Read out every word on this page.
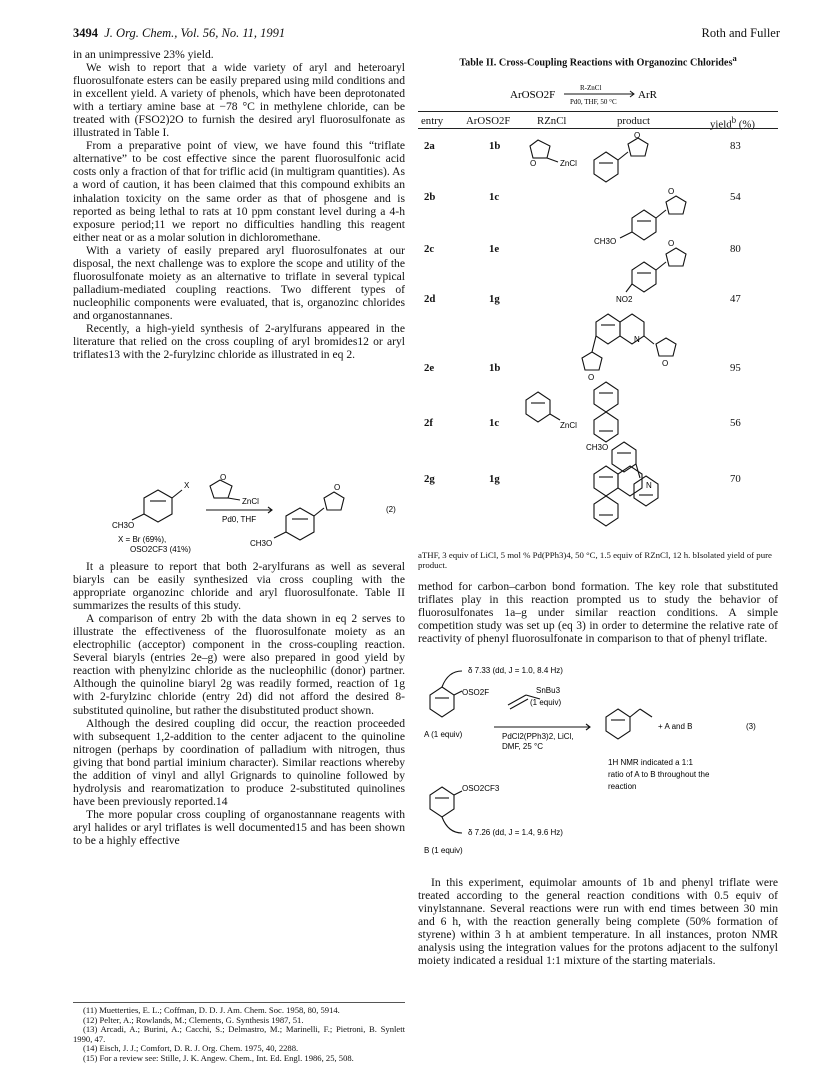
3494 J. Org. Chem., Vol. 56, No. 11, 1991	Roth and Fuller

in an unimpressive 23% yield.

We wish to report that a wide variety of aryl and heteroaryl fluorosulfonate esters can be easily prepared using mild conditions and in excellent yield. A variety of phenols, which have been deprotonated with a tertiary amine base at −78 °C in methylene chloride, can be treated with (FSO2)2O to furnish the desired aryl fluorosulfonate as illustrated in Table I.

From a preparative point of view, we have found this “triflate alternative” to be cost effective since the parent fluorosulfonic acid costs only a fraction of that for triflic acid (in multigram quantities). As a word of caution, it has been claimed that this compound exhibits an inhalation toxicity on the same order as that of phosgene and is reported as being lethal to rats at 10 ppm constant level during a 4-h exposure period;11 we report no difficulties handling this reagent either neat or as a molar solution in dichloromethane.

With a variety of easily prepared aryl fluorosulfonates at our disposal, the next challenge was to explore the scope and utility of the fluorosulfonate moiety as an alternative to triflate in several typical palladium-mediated coupling reactions. Two different types of nucleophilic components were evaluated, that is, organozinc chlorides and organostannanes.

Recently, a high-yield synthesis of 2-arylfurans appeared in the literature that relied on the cross coupling of aryl bromides12 or aryl triflates13 with the 2-furylzinc chloride as illustrated in eq 2.

X
ZnCl
O
Pd0, THF
CH3O
CH3O
O
(2)
X = Br (69%),
OSO2CF3 (41%)

It a pleasure to report that both 2-arylfurans as well as several biaryls can be easily synthesized via cross coupling with the appropriate organozinc chloride and aryl fluorosulfonate. Table II summarizes the results of this study.

A comparison of entry 2b with the data shown in eq 2 serves to illustrate the effectiveness of the fluorosulfonate moiety as an electrophilic (acceptor) component in the cross-coupling reaction. Several biaryls (entries 2e–g) were also prepared in good yield by reaction with phenylzinc chloride as the nucleophilic (donor) partner. Although the quinoline biaryl 2g was readily formed, reaction of 1g with 2-furylzinc chloride (entry 2d) did not afford the desired 8-substituted quinoline, but rather the disubstituted product shown.

Although the desired coupling did occur, the reaction proceeded with subsequent 1,2-addition to the center adjacent to the quinoline nitrogen (perhaps by coordination of palladium with nitrogen, thus giving that bond partial iminium character). Similar reactions whereby the addition of vinyl and allyl Grignards to quinoline followed by hydrolysis and rearomatization to produce 2-substituted quinolines have been previously reported.14

The more popular cross coupling of organostannane reagents with aryl halides or aryl triflates is well documented15 and has been shown to be a highly effective

(11) Muetterties, E. L.; Coffman, D. D. J. Am. Chem. Soc. 1958, 80, 5914.

(12) Pelter, A.; Rowlands, M.; Clements, G. Synthesis 1987, 51.

(13) Arcadi, A.; Burini, A.; Cacchi, S.; Delmastro, M.; Marinelli, F.; Pietroni, B. Synlett 1990, 47.

(14) Eisch, J. J.; Comfort, D. R. J. Org. Chem. 1975, 40, 2288.

(15) For a review see: Stille, J. K. Angew. Chem., Int. Ed. Engl. 1986, 25, 508.

Table II. Cross-Coupling Reactions with Organozinc Chlorides$^a$
ArOSO2F
R-ZnCl
Pd0, THF, 50 °C
ArR
entry ArOSO2F RZnCl	product	yield$^b$ (%)
2a	1b	83
2b	1c	54
2c	1e	80
2d	1g	47
2e	1b	95
2f	1c	56
2g	1g	70
O	ZnCl
O
O
CH3O	O
NO2
N
O
O
ZnCl
CH3O
N
aTHF, 3 equiv of LiCl, 5 mol % Pd(PPh3)4, 50 °C, 1.5 equiv of RZnCl, 12 h. bIsolated yield of pure product.

method for carbon–carbon bond formation. The key role that substituted triflates play in this reaction prompted us to study the behavior of fluorosulfonates 1a–g under similar reaction conditions. A simple competition study was set up (eq 3) in order to determine the relative rate of reactivity of phenyl fluorosulfonate in comparison to that of phenyl triflate.

δ 7.33 (dd, J = 1.0, 8.4 Hz)
OSO2F
A (1 equiv)
SnBu3
(1 equiv)
PdCl2(PPh3)2, LiCl,
DMF, 25 °C
+ A and B	(3)
1H NMR indicated a 1:1
ratio of A to B throughout the
reaction
OSO2CF3
δ 7.26 (dd, J = 1.4, 9.6 Hz)
B (1 equiv)

In this experiment, equimolar amounts of 1b and phenyl triflate were treated according to the general reaction conditions with 0.5 equiv of vinylstannane. Several reactions were run with end times between 30 min and 6 h, with the reaction generally being complete (50% formation of styrene) within 3 h at ambient temperature. In all instances, proton NMR analysis using the integration values for the protons adjacent to the sulfonyl moiety indicated a residual 1:1 mixture of the starting materials.
